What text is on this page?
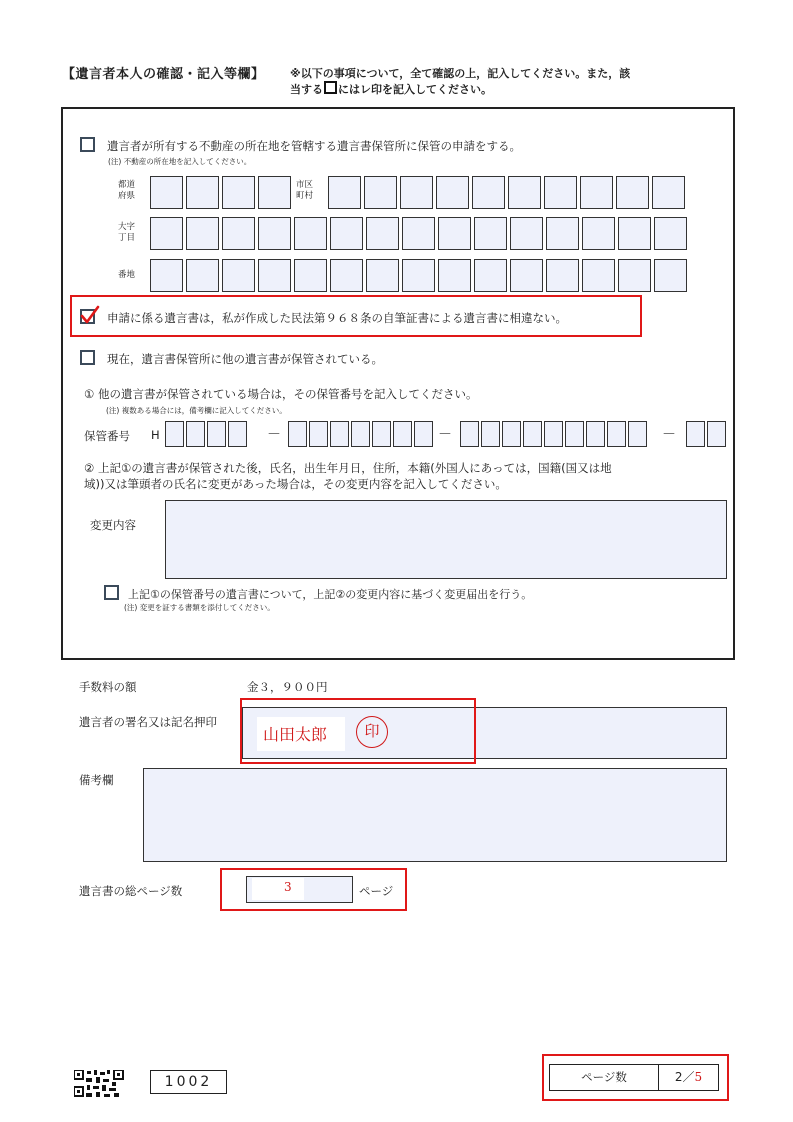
【遺言者本人の確認・記入等欄】 ※以下の事項について，全て確認の上，記入してください。また，該
当する にはレ印を記入してください。
遺言者が所有する不動産の所在地を管轄する遺言書保管所に保管の申請をする。
(注) 不動産の所在地を記入してください。
都道
府県
市区
町村
大字
丁目
番地
申請に係る遺言書は，私が作成した民法第９６８条の自筆証書による遺言書に相違ない。
現在，遺言書保管所に他の遺言書が保管されている。
① 他の遺言書が保管されている場合は，その保管番号を記入してください。
(注) 複数ある場合には，備考欄に記入してください。
保管番号 H	－	－	－
② 上記①の遺言書が保管された後，氏名，出生年月日，住所，本籍(外国人にあっては，国籍(国又は地
域))又は筆頭者の氏名に変更があった場合は，その変更内容を記入してください。
変更内容
上記①の保管番号の遺言書について，上記②の変更内容に基づく変更届出を行う。
(注) 変更を証する書類を添付してください。
手数料の額	金３，９００円
遺言者の署名又は記名押印
山田太郎	印
備考欄
遺言書の総ページ数	3	ページ
1002	ページ数	2／5
